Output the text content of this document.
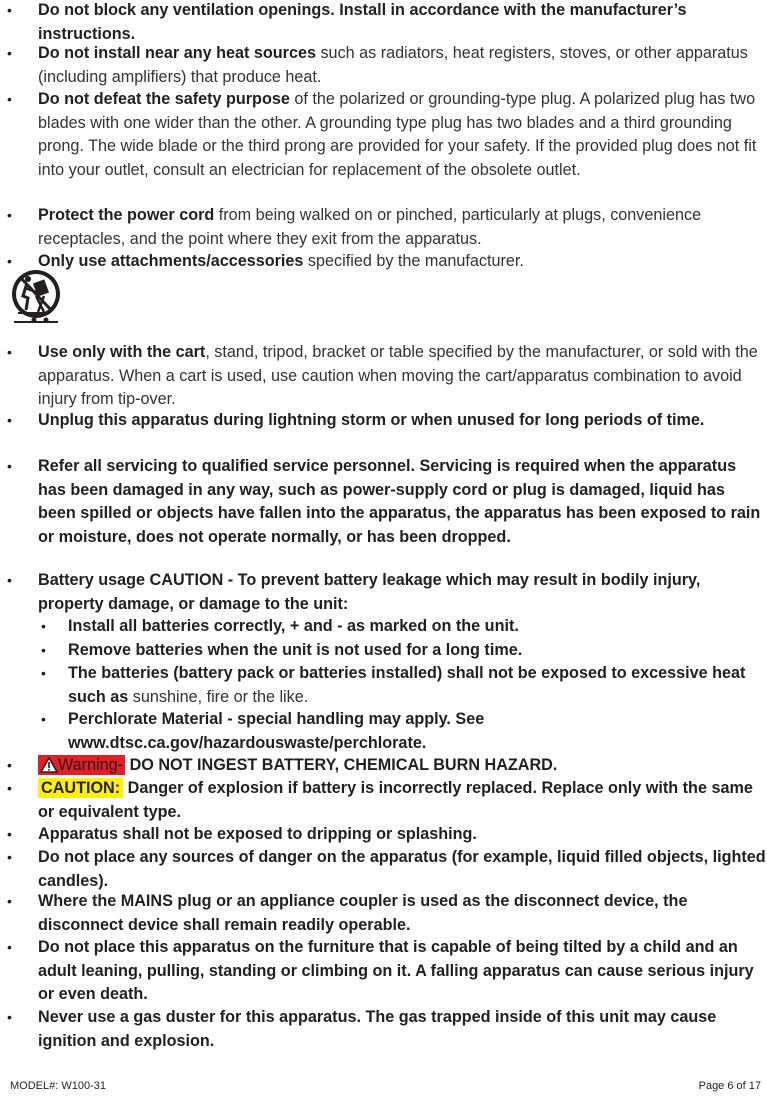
• Do not block any ventilation openings. Install in accordance with the manufacturer’s instructions.
• Do not install near any heat sources such as radiators, heat registers, stoves, or other apparatus (including amplifiers) that produce heat.
• Do not defeat the safety purpose of the polarized or grounding-type plug. A polarized plug has two blades with one wider than the other. A grounding type plug has two blades and a third grounding prong. The wide blade or the third prong are provided for your safety. If the provided plug does not fit into your outlet, consult an electrician for replacement of the obsolete outlet.
• Protect the power cord from being walked on or pinched, particularly at plugs, convenience receptacles, and the point where they exit from the apparatus.
• Only use attachments/accessories specified by the manufacturer.
• Use only with the cart, stand, tripod, bracket or table specified by the manufacturer, or sold with the apparatus. When a cart is used, use caution when moving the cart/apparatus combination to avoid injury from tip-over.
• Unplug this apparatus during lightning storm or when unused for long periods of time.
• Refer all servicing to qualified service personnel. Servicing is required when the apparatus has been damaged in any way, such as power-supply cord or plug is damaged, liquid has been spilled or objects have fallen into the apparatus, the apparatus has been exposed to rain or moisture, does not operate normally, or has been dropped.
• Battery usage CAUTION - To prevent battery leakage which may result in bodily injury, property damage, or damage to the unit:
• Install all batteries correctly, + and - as marked on the unit.
• Remove batteries when the unit is not used for a long time.
• The batteries (battery pack or batteries installed) shall not be exposed to excessive heat such as sunshine, fire or the like.
• Perchlorate Material - special handling may apply. See www.dtsc.ca.gov/hazardouswaste/perchlorate.
•	Warning- DO NOT INGEST BATTERY, CHEMICAL BURN HAZARD.
• CAUTION: Danger of explosion if battery is incorrectly replaced. Replace only with the same or equivalent type.
• Apparatus shall not be exposed to dripping or splashing.
• Do not place any sources of danger on the apparatus (for example, liquid filled objects, lighted candles).
• Where the MAINS plug or an appliance coupler is used as the disconnect device, the disconnect device shall remain readily operable.
• Do not place this apparatus on the furniture that is capable of being tilted by a child and an adult leaning, pulling, standing or climbing on it. A falling apparatus can cause serious injury or even death.
• Never use a gas duster for this apparatus. The gas trapped inside of this unit may cause ignition and explosion.
MODEL#: W100-31	Page 6 of 17
